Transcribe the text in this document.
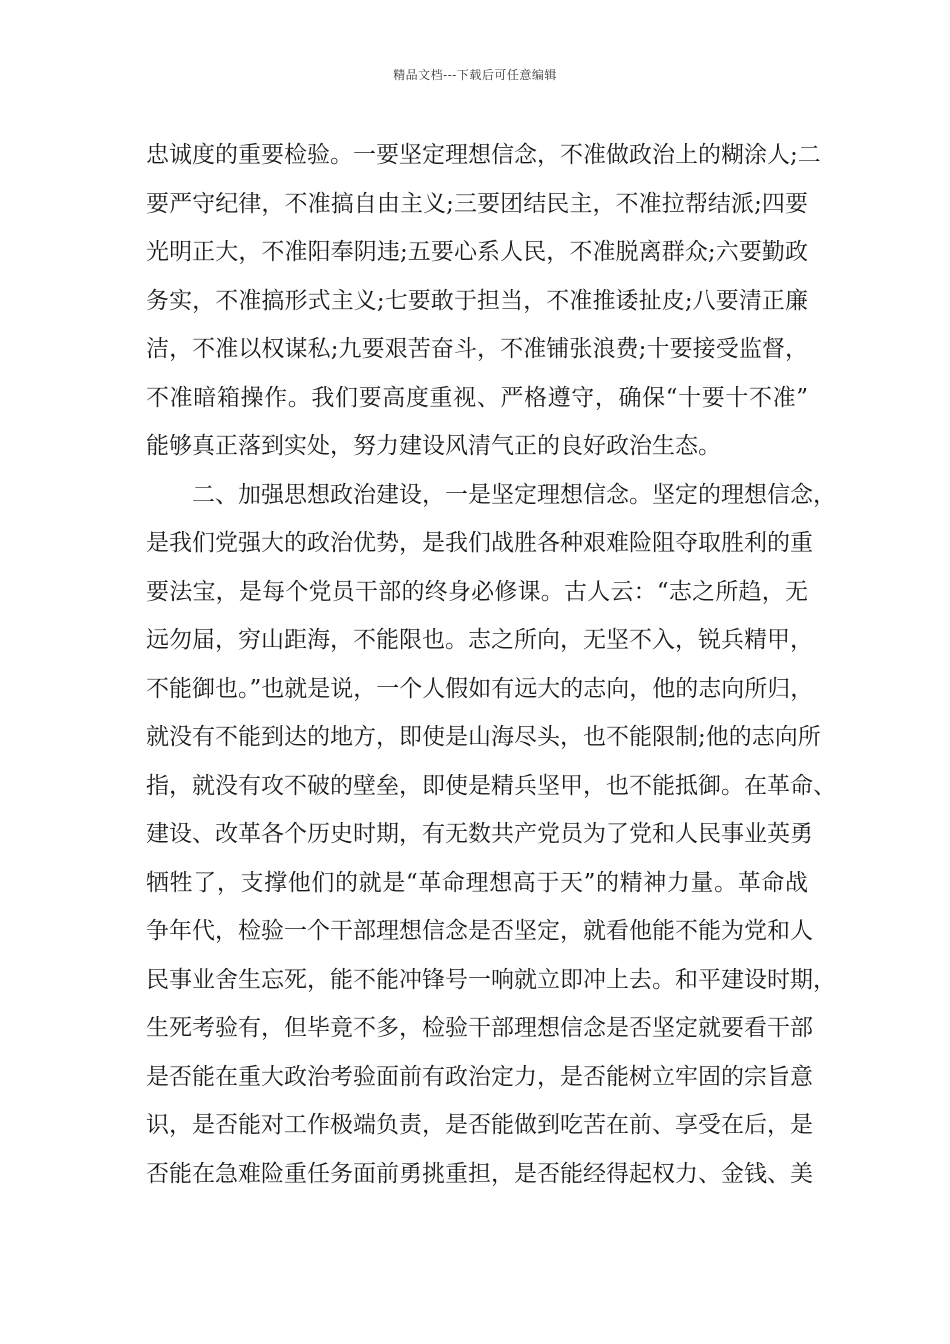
精品文档---下载后可任意编辑
忠诚度的重要检验。一要坚定理想信念，不准做政治上的糊涂人;二
要严守纪律，不准搞自由主义;三要团结民主，不准拉帮结派;四要
光明正大，不准阳奉阴违;五要心系人民，不准脱离群众;六要勤政
务实，不准搞形式主义;七要敢于担当，不准推诿扯皮;八要清正廉
洁，不准以权谋私;九要艰苦奋斗，不准铺张浪费;十要接受监督，
不准暗箱操作。我们要高度重视、严格遵守，确保“十要十不准”
能够真正落到实处，努力建设风清气正的良好政治生态。
二、加强思想政治建设，一是坚定理想信念。坚定的理想信念，
是我们党强大的政治优势，是我们战胜各种艰难险阻夺取胜利的重
要法宝，是每个党员干部的终身必修课。古人云：“志之所趋，无
远勿届，穷山距海，不能限也。志之所向，无坚不入，锐兵精甲，
不能御也。”也就是说，一个人假如有远大的志向，他的志向所归，
就没有不能到达的地方，即使是山海尽头，也不能限制;他的志向所
指，就没有攻不破的壁垒，即使是精兵坚甲，也不能抵御。在革命、
建设、改革各个历史时期，有无数共产党员为了党和人民事业英勇
牺牲了，支撑他们的就是“革命理想高于天”的精神力量。革命战
争年代，检验一个干部理想信念是否坚定，就看他能不能为党和人
民事业舍生忘死，能不能冲锋号一响就立即冲上去。和平建设时期，
生死考验有，但毕竟不多，检验干部理想信念是否坚定就要看干部
是否能在重大政治考验面前有政治定力，是否能树立牢固的宗旨意
识，是否能对工作极端负责，是否能做到吃苦在前、享受在后，是
否能在急难险重任务面前勇挑重担，是否能经得起权力、金钱、美
